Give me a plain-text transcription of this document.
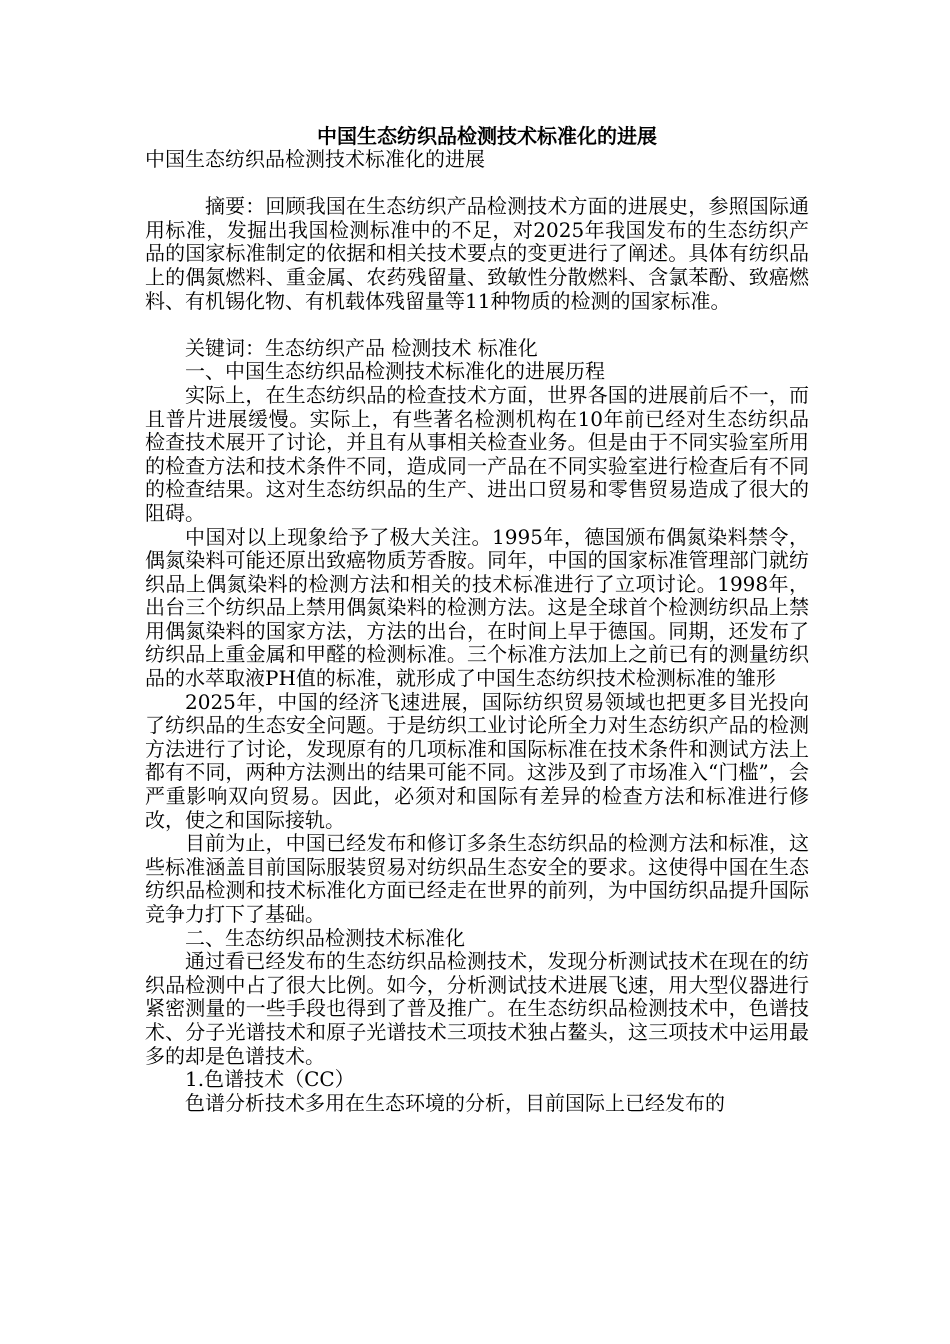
中国生态纺织品检测技术标准化的进展

中国生态纺织品检测技术标准化的进展

摘要：回顾我国在生态纺织产品检测技术方面的进展史，参照国际通用标准，发掘出我国检测标准中的不足，对2025年我国发布的生态纺织产品的国家标准制定的依据和相关技术要点的变更进行了阐述。具体有纺织品上的偶氮燃料、重金属、农药残留量、致敏性分散燃料、含氯苯酚、致癌燃料、有机锡化物、有机载体残留量等11种物质的检测的国家标准。

关键词：生态纺织产品 检测技术 标准化

一、中国生态纺织品检测技术标准化的进展历程

实际上，在生态纺织品的检查技术方面，世界各国的进展前后不一，而且普片进展缓慢。实际上，有些著名检测机构在10年前已经对生态纺织品检查技术展开了讨论，并且有从事相关检查业务。但是由于不同实验室所用的检查方法和技术条件不同，造成同一产品在不同实验室进行检查后有不同的检查结果。这对生态纺织品的生产、进出口贸易和零售贸易造成了很大的阻碍。

中国对以上现象给予了极大关注。1995年，德国颁布偶氮染料禁令，偶氮染料可能还原出致癌物质芳香胺。同年，中国的国家标准管理部门就纺织品上偶氮染料的检测方法和相关的技术标准进行了立项讨论。1998年，出台三个纺织品上禁用偶氮染料的检测方法。这是全球首个检测纺织品上禁用偶氮染料的国家方法，方法的出台，在时间上早于德国。同期，还发布了纺织品上重金属和甲醛的检测标准。三个标准方法加上之前已有的测量纺织品的水萃取液PH值的标准，就形成了中国生态纺织技术检测标准的雏形

2025年，中国的经济飞速进展，国际纺织贸易领域也把更多目光投向了纺织品的生态安全问题。于是纺织工业讨论所全力对生态纺织产品的检测方法进行了讨论，发现原有的几项标准和国际标准在技术条件和测试方法上都有不同，两种方法测出的结果可能不同。这涉及到了市场准入“门槛”，会严重影响双向贸易。因此，必须对和国际有差异的检查方法和标准进行修改，使之和国际接轨。

目前为止，中国已经发布和修订多条生态纺织品的检测方法和标准，这些标准涵盖目前国际服装贸易对纺织品生态安全的要求。这使得中国在生态纺织品检测和技术标准化方面已经走在世界的前列，为中国纺织品提升国际竞争力打下了基础。

二、生态纺织品检测技术标准化

通过看已经发布的生态纺织品检测技术，发现分析测试技术在现在的纺织品检测中占了很大比例。如今，分析测试技术进展飞速，用大型仪器进行紧密测量的一些手段也得到了普及推广。在生态纺织品检测技术中，色谱技术、分子光谱技术和原子光谱技术三项技术独占鳌头，这三项技术中运用最多的却是色谱技术。

1.色谱技术（CC）

色谱分析技术多用在生态环境的分析，目前国际上已经发布的
